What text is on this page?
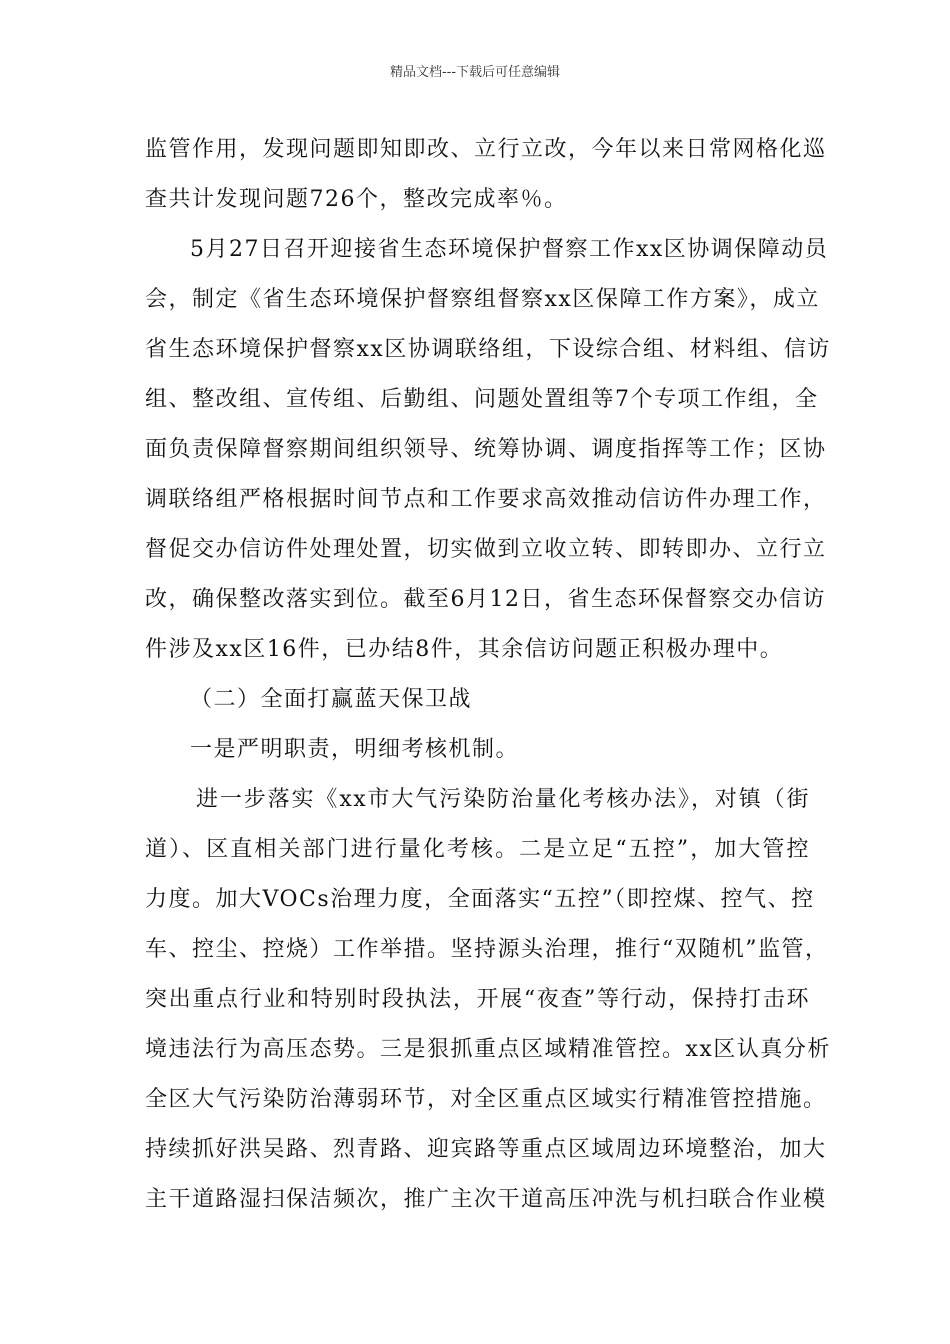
精品文档---下载后可任意编辑
监管作用，发现问题即知即改、立行立改，今年以来日常网格化巡
查共计发现问题726个，整改完成率％。
5月27日召开迎接省生态环境保护督察工作xx区协调保障动员
会，制定《省生态环境保护督察组督察xx区保障工作方案》，成立
省生态环境保护督察xx区协调联络组，下设综合组、材料组、信访
组、整改组、宣传组、后勤组、问题处置组等7个专项工作组，全
面负责保障督察期间组织领导、统筹协调、调度指挥等工作；区协
调联络组严格根据时间节点和工作要求高效推动信访件办理工作，
督促交办信访件处理处置，切实做到立收立转、即转即办、立行立
改，确保整改落实到位。截至6月12日，省生态环保督察交办信访
件涉及xx区16件，已办结8件，其余信访问题正积极办理中。
（二）全面打赢蓝天保卫战
一是严明职责，明细考核机制。
进一步落实《xx市大气污染防治量化考核办法》，对镇（街
道）、区直相关部门进行量化考核。二是立足“五控”，加大管控
力度。加大VOCs治理力度，全面落实“五控”（即控煤、控气、控
车、控尘、控烧）工作举措。坚持源头治理，推行“双随机”监管，
突出重点行业和特别时段执法，开展“夜查”等行动，保持打击环
境违法行为高压态势。三是狠抓重点区域精准管控。xx区认真分析
全区大气污染防治薄弱环节，对全区重点区域实行精准管控措施。
持续抓好洪吴路、烈青路、迎宾路等重点区域周边环境整治，加大
主干道路湿扫保洁频次，推广主次干道高压冲洗与机扫联合作业模
